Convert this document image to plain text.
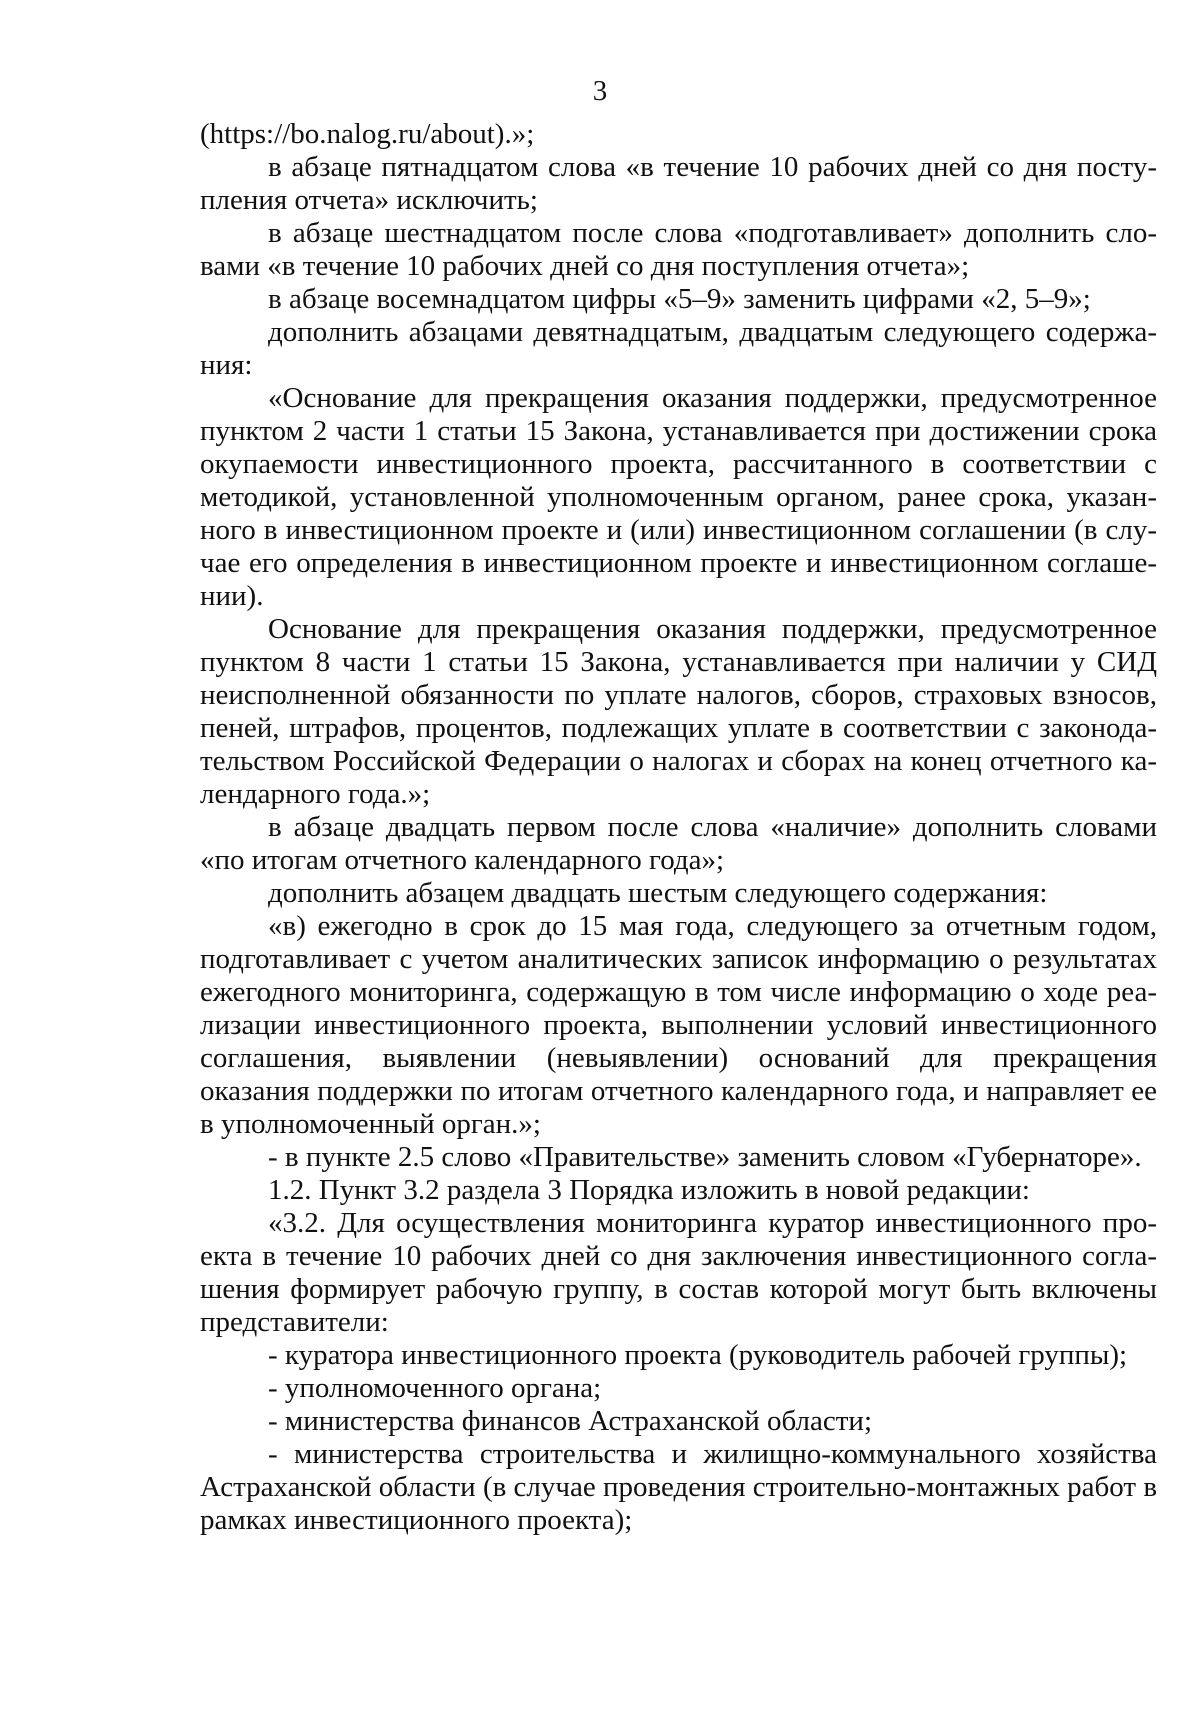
3

(https://bo.nalog.ru/about).»;

в абзаце пятнадцатом слова «в течение 10 рабочих дней со дня поступления отчета» исключить;

в абзаце шестнадцатом после слова «подготавливает» дополнить словами «в течение 10 рабочих дней со дня поступления отчета»;

в абзаце восемнадцатом цифры «5–9» заменить цифрами «2, 5–9»;

дополнить абзацами девятнадцатым, двадцатым следующего содержания:

«Основание для прекращения оказания поддержки, предусмотренное пунктом 2 части 1 статьи 15 Закона, устанавливается при достижении срока окупаемости инвестиционного проекта, рассчитанного в соответствии с методикой, установленной уполномоченным органом, ранее срока, указанного в инвестиционном проекте и (или) инвестиционном соглашении (в случае его определения в инвестиционном проекте и инвестиционном соглашении).

Основание для прекращения оказания поддержки, предусмотренное пунктом 8 части 1 статьи 15 Закона, устанавливается при наличии у СИД неисполненной обязанности по уплате налогов, сборов, страховых взносов, пеней, штрафов, процентов, подлежащих уплате в соответствии с законодательством Российской Федерации о налогах и сборах на конец отчетного календарного года.»;

в абзаце двадцать первом после слова «наличие» дополнить словами «по итогам отчетного календарного года»;

дополнить абзацем двадцать шестым следующего содержания:

«в) ежегодно в срок до 15 мая года, следующего за отчетным годом, подготавливает с учетом аналитических записок информацию о результатах ежегодного мониторинга, содержащую в том числе информацию о ходе реализации инвестиционного проекта, выполнении условий инвестиционного соглашения, выявлении (невыявлении) оснований для прекращения оказания поддержки по итогам отчетного календарного года, и направляет ее в уполномоченный орган.»;

- в пункте 2.5 слово «Правительстве» заменить словом «Губернаторе».

1.2. Пункт 3.2 раздела 3 Порядка изложить в новой редакции:

«3.2. Для осуществления мониторинга куратор инвестиционного проекта в течение 10 рабочих дней со дня заключения инвестиционного соглашения формирует рабочую группу, в состав которой могут быть включены представители:

- куратора инвестиционного проекта (руководитель рабочей группы);

- уполномоченного органа;

- министерства финансов Астраханской области;

- министерства строительства и жилищно-коммунального хозяйства Астраханской области (в случае проведения строительно-монтажных работ в рамках инвестиционного проекта);
